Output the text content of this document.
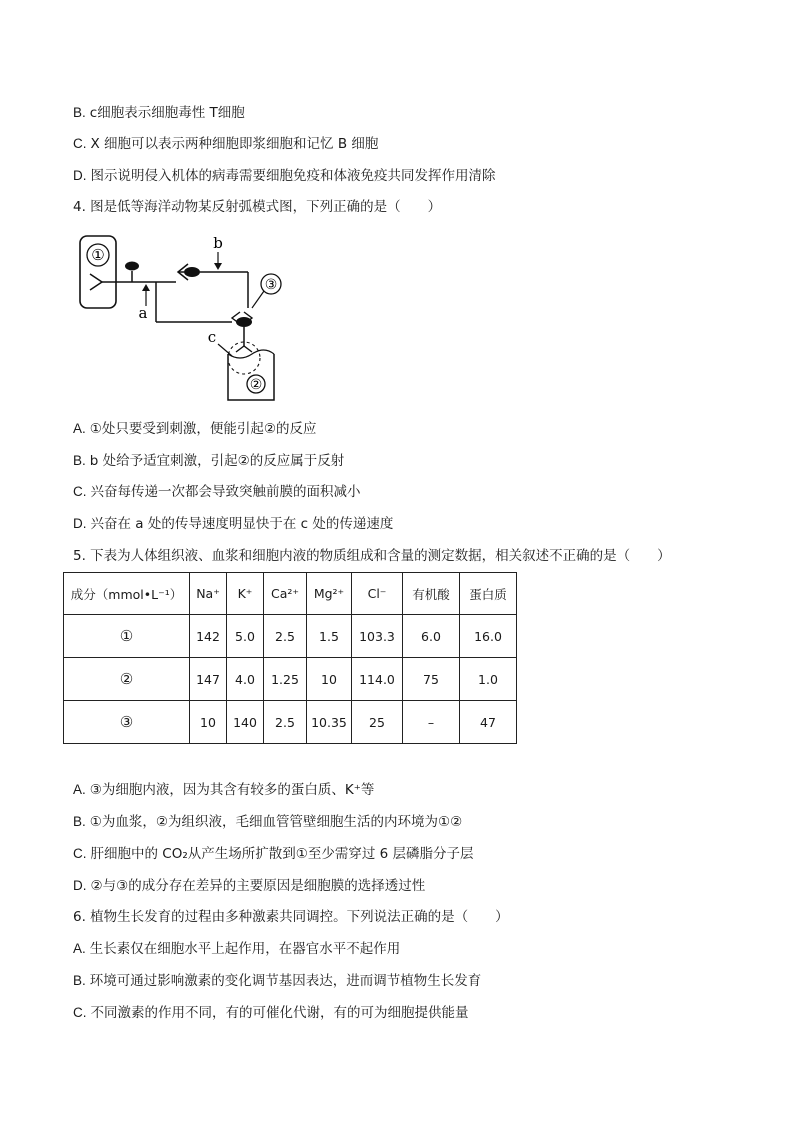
B. c细胞表示细胞毒性 T细胞
C. X 细胞可以表示两种细胞即浆细胞和记忆 B 细胞
D. 图示说明侵入机体的病毒需要细胞免疫和体液免疫共同发挥作用清除
4. 图是低等海洋动物某反射弧模式图，下列正确的是（　　）
①
a
b
③
c
②
A. ①处只要受到刺激，便能引起②的反应
B. b 处给予适宜刺激，引起②的反应属于反射
C. 兴奋每传递一次都会导致突触前膜的面积减小
D. 兴奋在 a 处的传导速度明显快于在 c 处的传递速度
5. 下表为人体组织液、血浆和细胞内液的物质组成和含量的测定数据，相关叙述不正确的是（　　）
成分（mmol•L⁻¹）	Na⁺	K⁺	Ca²⁺	Mg²⁺	Cl⁻	有机酸	蛋白质
①	142	5.0	2.5	1.5	103.3	6.0	16.0
②	147	4.0	1.25	10	114.0	75	1.0
③	10	140	2.5	10.35	25	–	47
A. ③为细胞内液，因为其含有较多的蛋白质、K⁺等
B. ①为血浆，②为组织液，毛细血管管壁细胞生活的内环境为①②
C. 肝细胞中的 CO₂从产生场所扩散到①至少需穿过 6 层磷脂分子层
D. ②与③的成分存在差异的主要原因是细胞膜的选择透过性
6. 植物生长发育的过程由多种激素共同调控。下列说法正确的是（　　）
A. 生长素仅在细胞水平上起作用，在器官水平不起作用
B. 环境可通过影响激素的变化调节基因表达，进而调节植物生长发育
C. 不同激素的作用不同，有的可催化代谢，有的可为细胞提供能量
